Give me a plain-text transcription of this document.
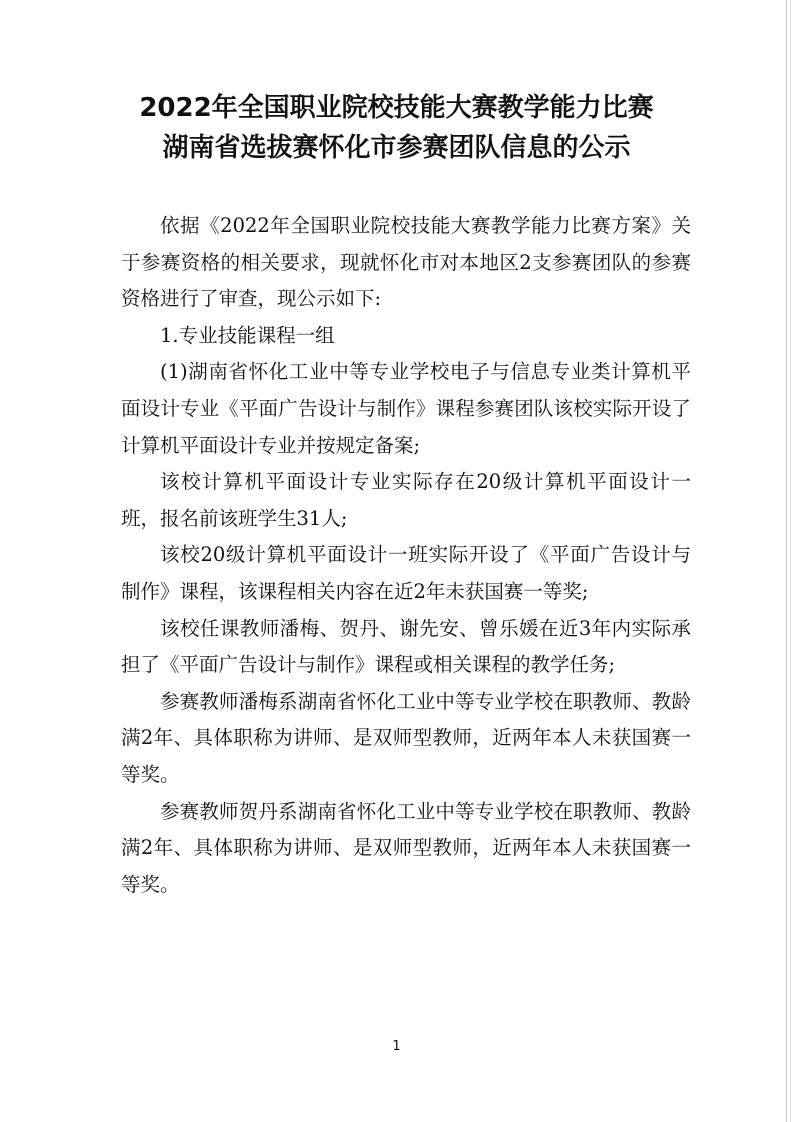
2022年全国职业院校技能大赛教学能力比赛
湖南省选拔赛怀化市参赛团队信息的公示

依据《2022年全国职业院校技能大赛教学能力比赛方案》关于参赛资格的相关要求，现就怀化市对本地区2支参赛团队的参赛资格进行了审查，现公示如下:

1.专业技能课程一组

(1)湖南省怀化工业中等专业学校电子与信息专业类计算机平面设计专业《平面广告设计与制作》课程参赛团队该校实际开设了计算机平面设计专业并按规定备案;

该校计算机平面设计专业实际存在20级计算机平面设计一班，报名前该班学生31人;

该校20级计算机平面设计一班实际开设了《平面广告设计与制作》课程，该课程相关内容在近2年未获国赛一等奖;

该校任课教师潘梅、贺丹、谢先安、曾乐媛在近3年内实际承担了《平面广告设计与制作》课程或相关课程的教学任务;

参赛教师潘梅系湖南省怀化工业中等专业学校在职教师、教龄满2年、具体职称为讲师、是双师型教师，近两年本人未获国赛一等奖。

参赛教师贺丹系湖南省怀化工业中等专业学校在职教师、教龄满2年、具体职称为讲师、是双师型教师，近两年本人未获国赛一等奖。

1
